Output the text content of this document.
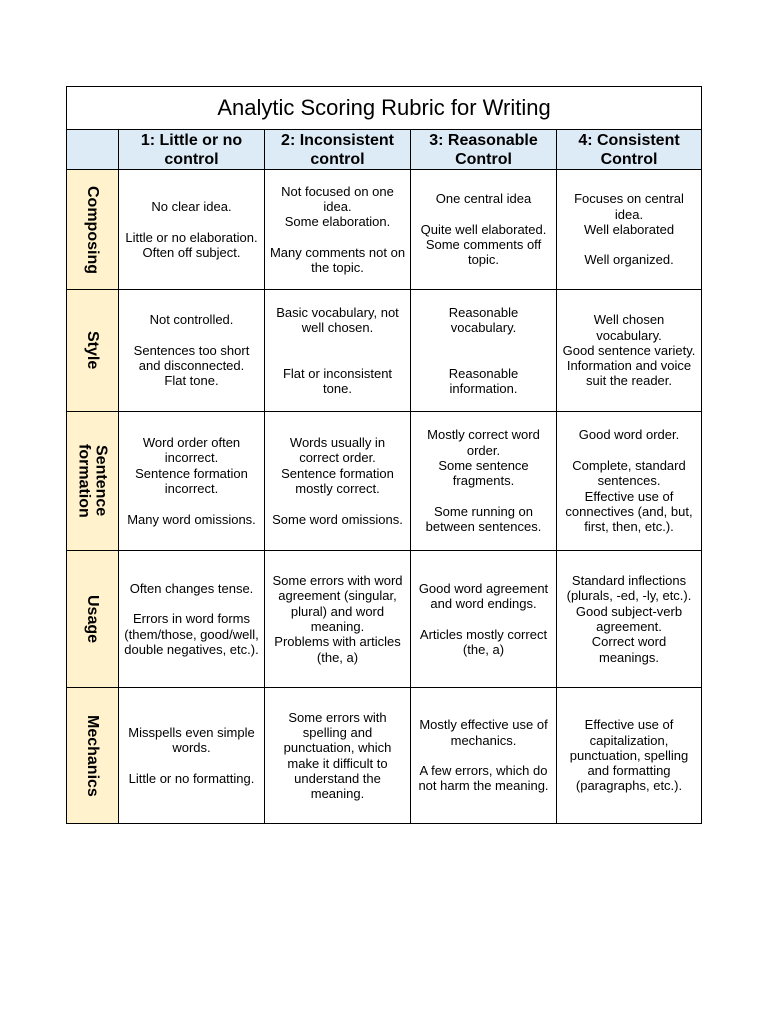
Analytic Scoring Rubric for Writing
1: Little or no control
2: Inconsistent control
3: Reasonable Control
4: Consistent Control
Composing	No clear idea.

Little or no elaboration.
Often off subject.
Not focused on one idea.
Some elaboration.

Many comments not on the topic.
One central idea

Quite well elaborated.
Some comments off topic.
Focuses on central idea.
Well elaborated

Well organized.
Style
Not controlled.

Sentences too short and disconnected.
Flat tone.
Basic vocabulary, not well chosen.

Flat or inconsistent tone.
Reasonable vocabulary.

Reasonable information.
Well chosen vocabulary.
Good sentence variety.
Information and voice suit the reader.
Sentence
formation
Word order often incorrect.
Sentence formation incorrect.

Many word omissions.
Words usually in correct order.
Sentence formation mostly correct.

Some word omissions.
Mostly correct word order.
Some sentence fragments.

Some running on between sentences.
Good word order.

Complete, standard sentences.
Effective use of connectives (and, but, first, then, etc.).
Usage
Often changes tense.

Errors in word forms (them/those, good/well, double negatives, etc.).
Some errors with word agreement (singular, plural) and word meaning.
Problems with articles (the, a)
Good word agreement and word endings.

Articles mostly correct (the, a)
Standard inflections (plurals, -ed, -ly, etc.).
Good subject-verb agreement.
Correct word meanings.
Mechanics	Misspells even simple words.

Little or no formatting.
Some errors with spelling and punctuation, which make it difficult to understand the meaning.
Mostly effective use of mechanics.

A few errors, which do not harm the meaning.
Effective use of capitalization, punctuation, spelling and formatting (paragraphs, etc.).
